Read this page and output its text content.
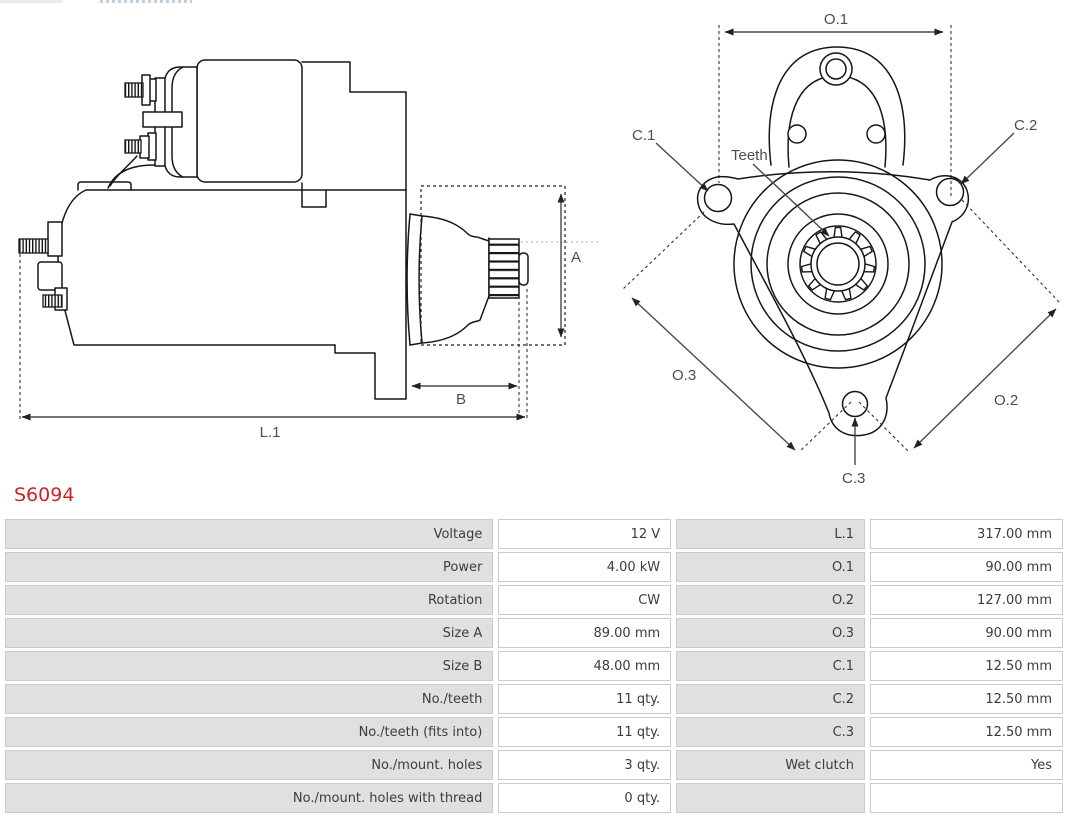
A
B
L.1
O.1
Teeth
C.1
C.2
C.3
O.3
O.2
S6094
Voltage	12 V	L.1	317.00 mm
Power	4.00 kW	O.1	90.00 mm
Rotation	CW	O.2	127.00 mm
Size A	89.00 mm	O.3	90.00 mm
Size B	48.00 mm	C.1	12.50 mm
No./teeth	11 qty.	C.2	12.50 mm
No./teeth (fits into)	11 qty.	C.3	12.50 mm
No./mount. holes	3 qty.	Wet clutch	Yes
No./mount. holes with thread	0 qty.		
